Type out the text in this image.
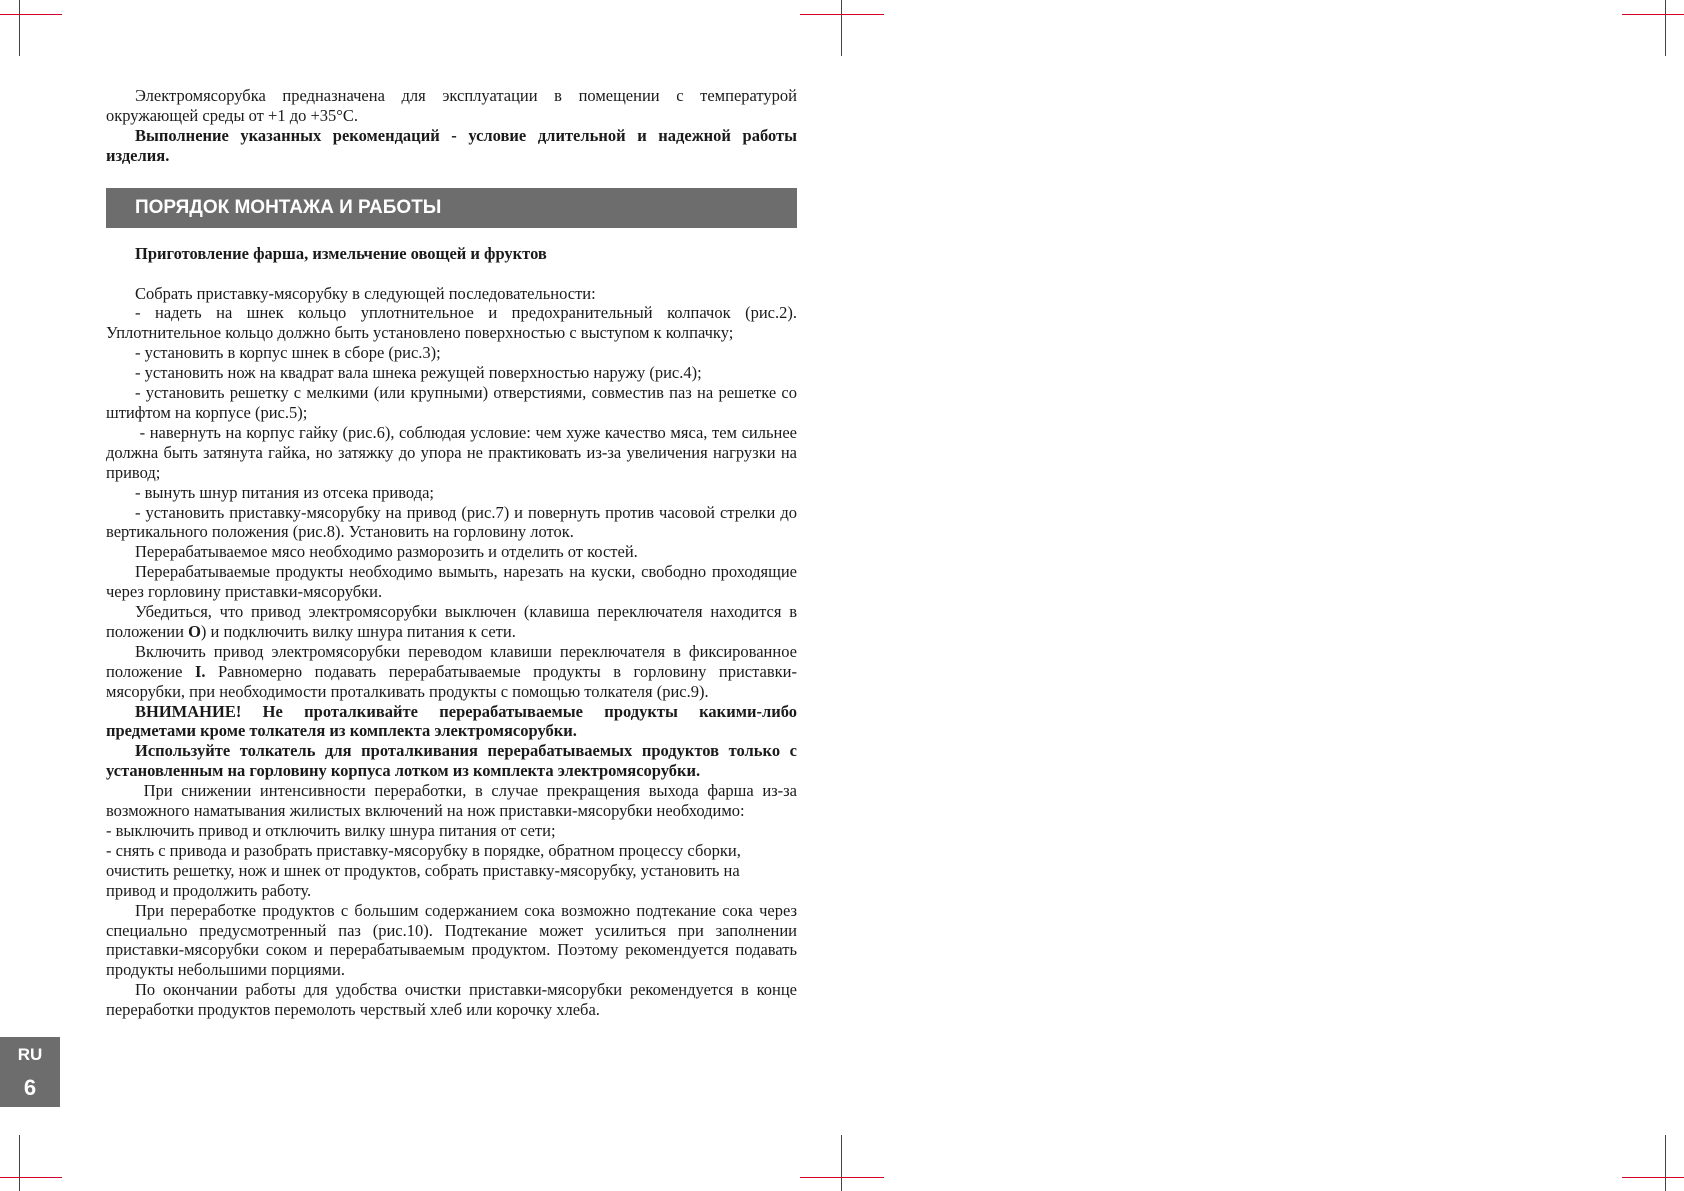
Электромясорубка предназначена для эксплуатации в помещении с температурой окружающей среды от +1 до +35°С.

Выполнение указанных рекомендаций - условие длительной и надежной работы изделия.

ПОРЯДОК МОНТАЖА И РАБОТЫ

Приготовление фарша, измельчение овощей и фруктов

Собрать приставку-мясорубку в следующей последовательности:

- надеть на шнек кольцо уплотнительное и предохранительный колпачок (рис.2). Уплотнительное кольцо должно быть установлено поверхностью с выступом к колпачку;

- установить в корпус шнек в сборе (рис.3);

- установить нож на квадрат вала шнека режущей поверхностью наружу (рис.4);

- установить решетку с мелкими (или крупными) отверстиями, совместив паз на решетке со штифтом на корпусе (рис.5);

- навернуть на корпус гайку (рис.6), соблюдая условие: чем хуже качество мяса, тем сильнее должна быть затянута гайка, но затяжку до упора не практиковать из-за увеличения нагрузки на привод;

- вынуть шнур питания из отсека привода;

- установить приставку-мясорубку на привод (рис.7) и повернуть против часовой стрелки до вертикального положения (рис.8). Установить на горловину лоток.

Перерабатываемое мясо необходимо разморозить и отделить от костей.

Перерабатываемые продукты необходимо вымыть, нарезать на куски, свободно проходящие через горловину приставки-мясорубки.

Убедиться, что привод электромясорубки выключен (клавиша переключателя находится в положении О) и подключить вилку шнура питания к сети.

Включить привод электромясорубки переводом клавиши переключателя в фиксированное положение I. Равномерно подавать перерабатываемые продукты в горловину приставки-мясорубки, при необходимости проталкивать продукты с помощью толкателя (рис.9).

ВНИМАНИЕ! Не проталкивайте перерабатываемые продукты какими-либо предметами кроме толкателя из комплекта электромясорубки.

Используйте толкатель для проталкивания перерабатываемых продуктов только с установленным на горловину корпуса лотком из комплекта электромясорубки.

При снижении интенсивности переработки, в случае прекращения выхода фарша из-за возможного наматывания жилистых включений на нож приставки-мясорубки необходимо:

- выключить привод и отключить вилку шнура питания от сети;

- снять с привода и разобрать приставку-мясорубку в порядке, обратном процессу сборки, очистить решетку, нож и шнек от продуктов, собрать приставку-мясорубку, установить на привод и продолжить работу.

При переработке продуктов с большим содержанием сока возможно подтекание сока через специально предусмотренный паз (рис.10). Подтекание может усилиться при заполнении приставки-мясорубки соком и перерабатываемым продуктом. Поэтому рекомендуется подавать продукты небольшими порциями.

По окончании работы для удобства очистки приставки-мясорубки рекомендуется в конце переработки продуктов перемолоть черствый хлеб или корочку хлеба.

RU
6
